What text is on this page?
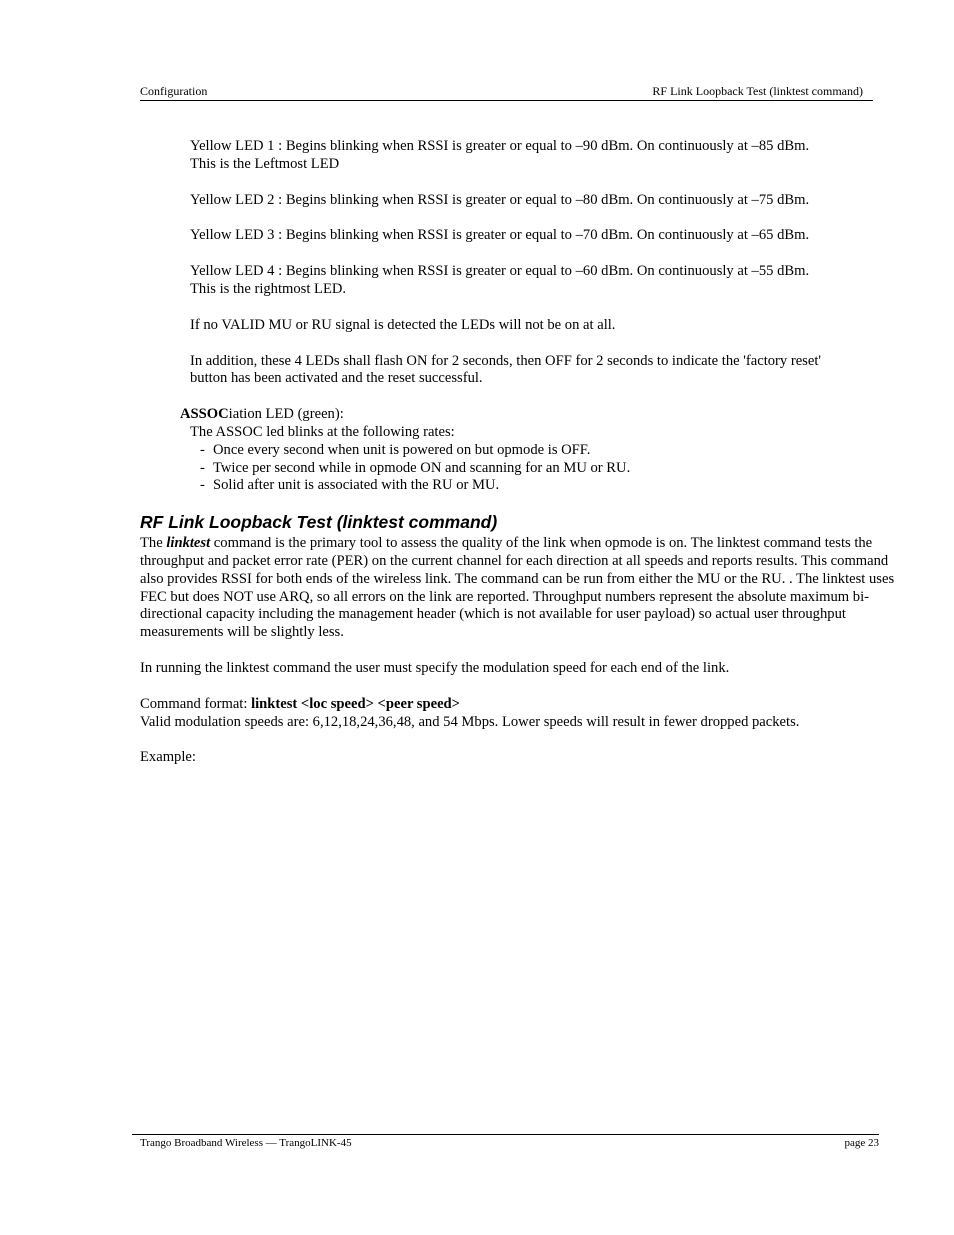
Configuration	RF Link Loopback Test (linktest command)

Yellow LED 1 : Begins blinking when RSSI is greater or equal to –90 dBm. On continuously at –85 dBm. This is the Leftmost LED

Yellow LED 2 : Begins blinking when RSSI is greater or equal to –80 dBm. On continuously at –75 dBm.

Yellow LED 3 : Begins blinking when RSSI is greater or equal to –70 dBm. On continuously at –65 dBm.

Yellow LED 4 : Begins blinking when RSSI is greater or equal to –60 dBm. On continuously at –55 dBm. This is the rightmost LED.

If no VALID MU or RU signal is detected the LEDs will not be on at all.

In addition, these 4 LEDs shall flash ON for 2 seconds, then OFF for 2 seconds to indicate the 'factory reset' button has been activated and the reset successful.

ASSOCiation LED (green):

The ASSOC led blinks at the following rates:

- Once every second when unit is powered on but opmode is OFF.
- Twice per second while in opmode ON and scanning for an MU or RU.
- Solid after unit is associated with the RU or MU.
RF Link Loopback Test (linktest command)

The linktest command is the primary tool to assess the quality of the link when opmode is on. The linktest command tests the throughput and packet error rate (PER) on the current channel for each direction at all speeds and reports results. This command also provides RSSI for both ends of the wireless link. The command can be run from either the MU or the RU. . The linktest uses FEC but does NOT use ARQ, so all errors on the link are reported. Throughput numbers represent the absolute maximum bi-directional capacity including the management header (which is not available for user payload) so actual user throughput measurements will be slightly less.

In running the linktest command the user must specify the modulation speed for each end of the link.

Command format: linktest <loc speed> <peer speed>

Valid modulation speeds are: 6,12,18,24,36,48, and 54 Mbps. Lower speeds will result in fewer dropped packets.

Example:

Trango Broadband Wireless — TrangoLINK-45	page 23
